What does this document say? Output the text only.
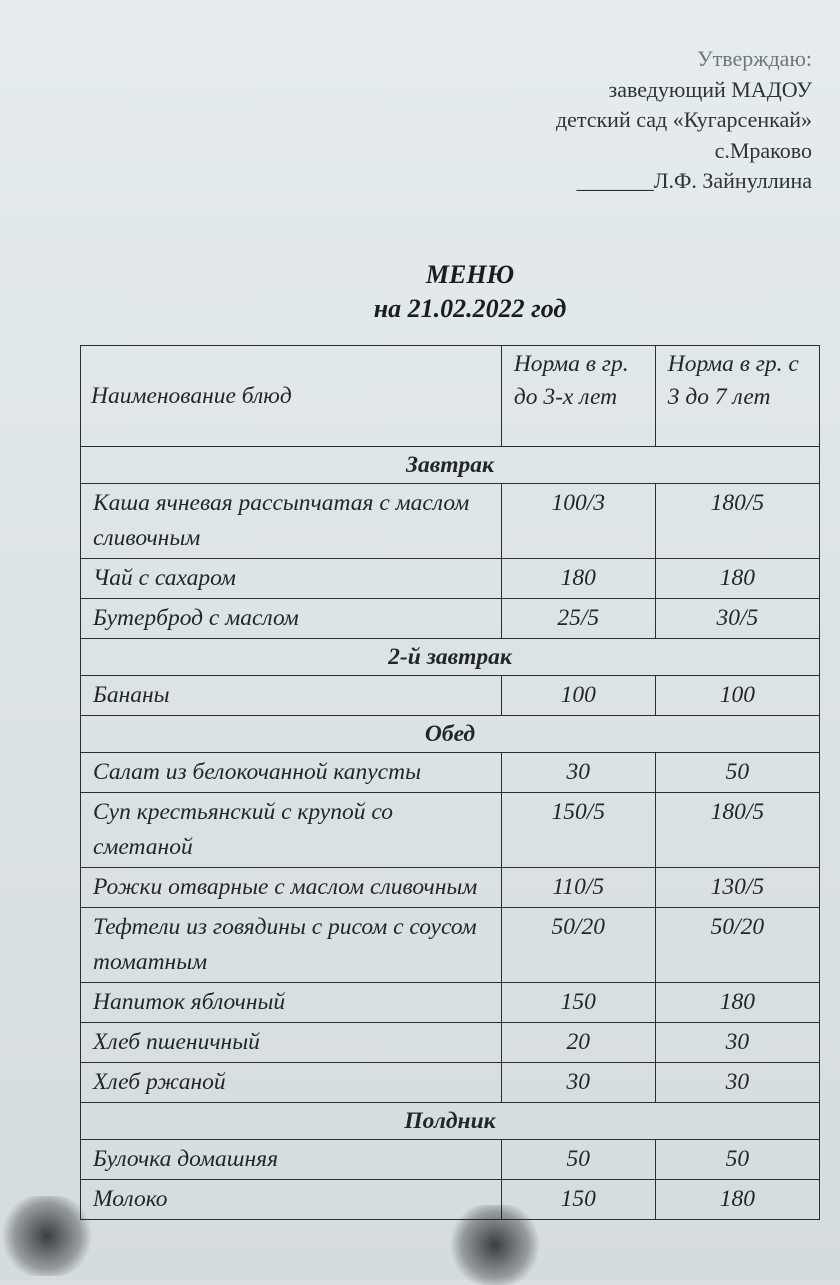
Утверждаю:
заведующий МАДОУ
детский сад «Кугарсенкай»
с.Мраково
_______Л.Ф. Зайнуллина
МЕНЮ
на 21.02.2022 год
Наименование блюд	Норма в гр. до 3-х лет	Норма в гр. с 3 до 7 лет
Завтрак		
Каша ячневая рассыпчатая с маслом сливочным	100/3	180/5
Чай с сахаром	180	180
Бутерброд с маслом	25/5	30/5
2-й завтрак		
Бананы	100	100
Обед		
Салат из белокочанной капусты	30	50
Суп крестьянский с крупой со сметаной	150/5	180/5
Рожки отварные с маслом сливочным	110/5	130/5
Тефтели из говядины с рисом с соусом томатным	50/20	50/20
Напиток яблочный	150	180
Хлеб пшеничный	20	30
Хлеб ржаной	30	30
Полдник		
Булочка домашняя	50	50
Молоко	150	180
